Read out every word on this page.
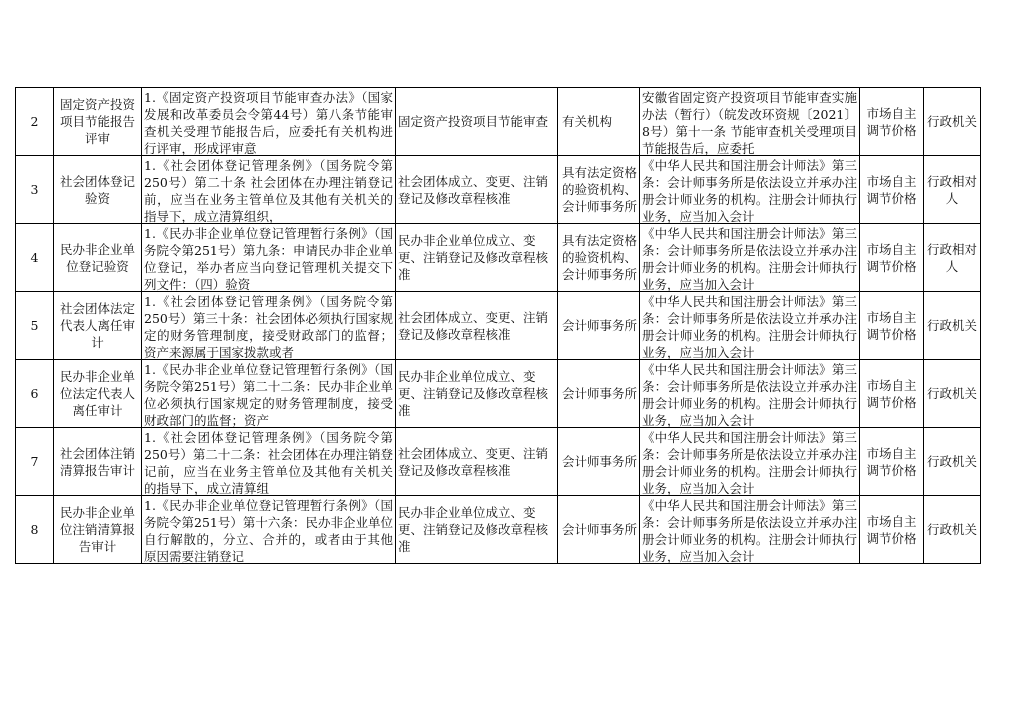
2	固定资产投资项目节能报告评审	1.《固定资产投资项目节能审查办法》（国家发展和改革委员会令第44号）第八条节能审查机关受理节能报告后，应委托有关机构进行评审，形成评审意	固定资产投资项目节能审查	有关机构	安徽省固定资产投资项目节能审查实施办法（暂行）（皖发改环资规〔2021〕8号）第十一条 节能审查机关受理项目节能报告后，应委托	市场自主调节价格	行政机关

3	社会团体登记验资	1.《社会团体登记管理条例》（国务院令第250号）第二十条 社会团体在办理注销登记前，应当在业务主管单位及其他有关机关的指导下，成立清算组织，	社会团体成立、变更、注销登记及修改章程核准	具有法定资格的验资机构、会计师事务所	《中华人民共和国注册会计师法》第三条：会计师事务所是依法设立并承办注册会计师业务的机构。注册会计师执行业务，应当加入会计	市场自主调节价格	行政相对人

4	民办非企业单位登记验资	1.《民办非企业单位登记管理暂行条例》（国务院令第251号）第九条：申请民办非企业单位登记，举办者应当向登记管理机关提交下列文件：（四）验资	民办非企业单位成立、变更、注销登记及修改章程核准	具有法定资格的验资机构、会计师事务所	《中华人民共和国注册会计师法》第三条：会计师事务所是依法设立并承办注册会计师业务的机构。注册会计师执行业务，应当加入会计	市场自主调节价格	行政相对人

5	社会团体法定代表人离任审计	1.《社会团体登记管理条例》（国务院令第250号）第三十条：社会团体必须执行国家规定的财务管理制度，接受财政部门的监督；资产来源属于国家拨款或者	社会团体成立、变更、注销登记及修改章程核准	会计师事务所	《中华人民共和国注册会计师法》第三条：会计师事务所是依法设立并承办注册会计师业务的机构。注册会计师执行业务，应当加入会计	市场自主调节价格	行政机关

6	民办非企业单位法定代表人离任审计	1.《民办非企业单位登记管理暂行条例》（国务院令第251号）第二十二条：民办非企业单位必须执行国家规定的财务管理制度，接受财政部门的监督；资产	民办非企业单位成立、变更、注销登记及修改章程核准	会计师事务所	《中华人民共和国注册会计师法》第三条：会计师事务所是依法设立并承办注册会计师业务的机构。注册会计师执行业务，应当加入会计	市场自主调节价格	行政机关

7	社会团体注销清算报告审计	1.《社会团体登记管理条例》（国务院令第250号）第二十二条：社会团体在办理注销登记前，应当在业务主管单位及其他有关机关的指导下，成立清算组	社会团体成立、变更、注销登记及修改章程核准	会计师事务所	《中华人民共和国注册会计师法》第三条：会计师事务所是依法设立并承办注册会计师业务的机构。注册会计师执行业务，应当加入会计	市场自主调节价格	行政机关

8	民办非企业单位注销清算报告审计	1.《民办非企业单位登记管理暂行条例》（国务院令第251号）第十六条：民办非企业单位自行解散的，分立、合并的，或者由于其他原因需要注销登记	民办非企业单位成立、变更、注销登记及修改章程核准	会计师事务所	《中华人民共和国注册会计师法》第三条：会计师事务所是依法设立并承办注册会计师业务的机构。注册会计师执行业务，应当加入会计	市场自主调节价格	行政机关
